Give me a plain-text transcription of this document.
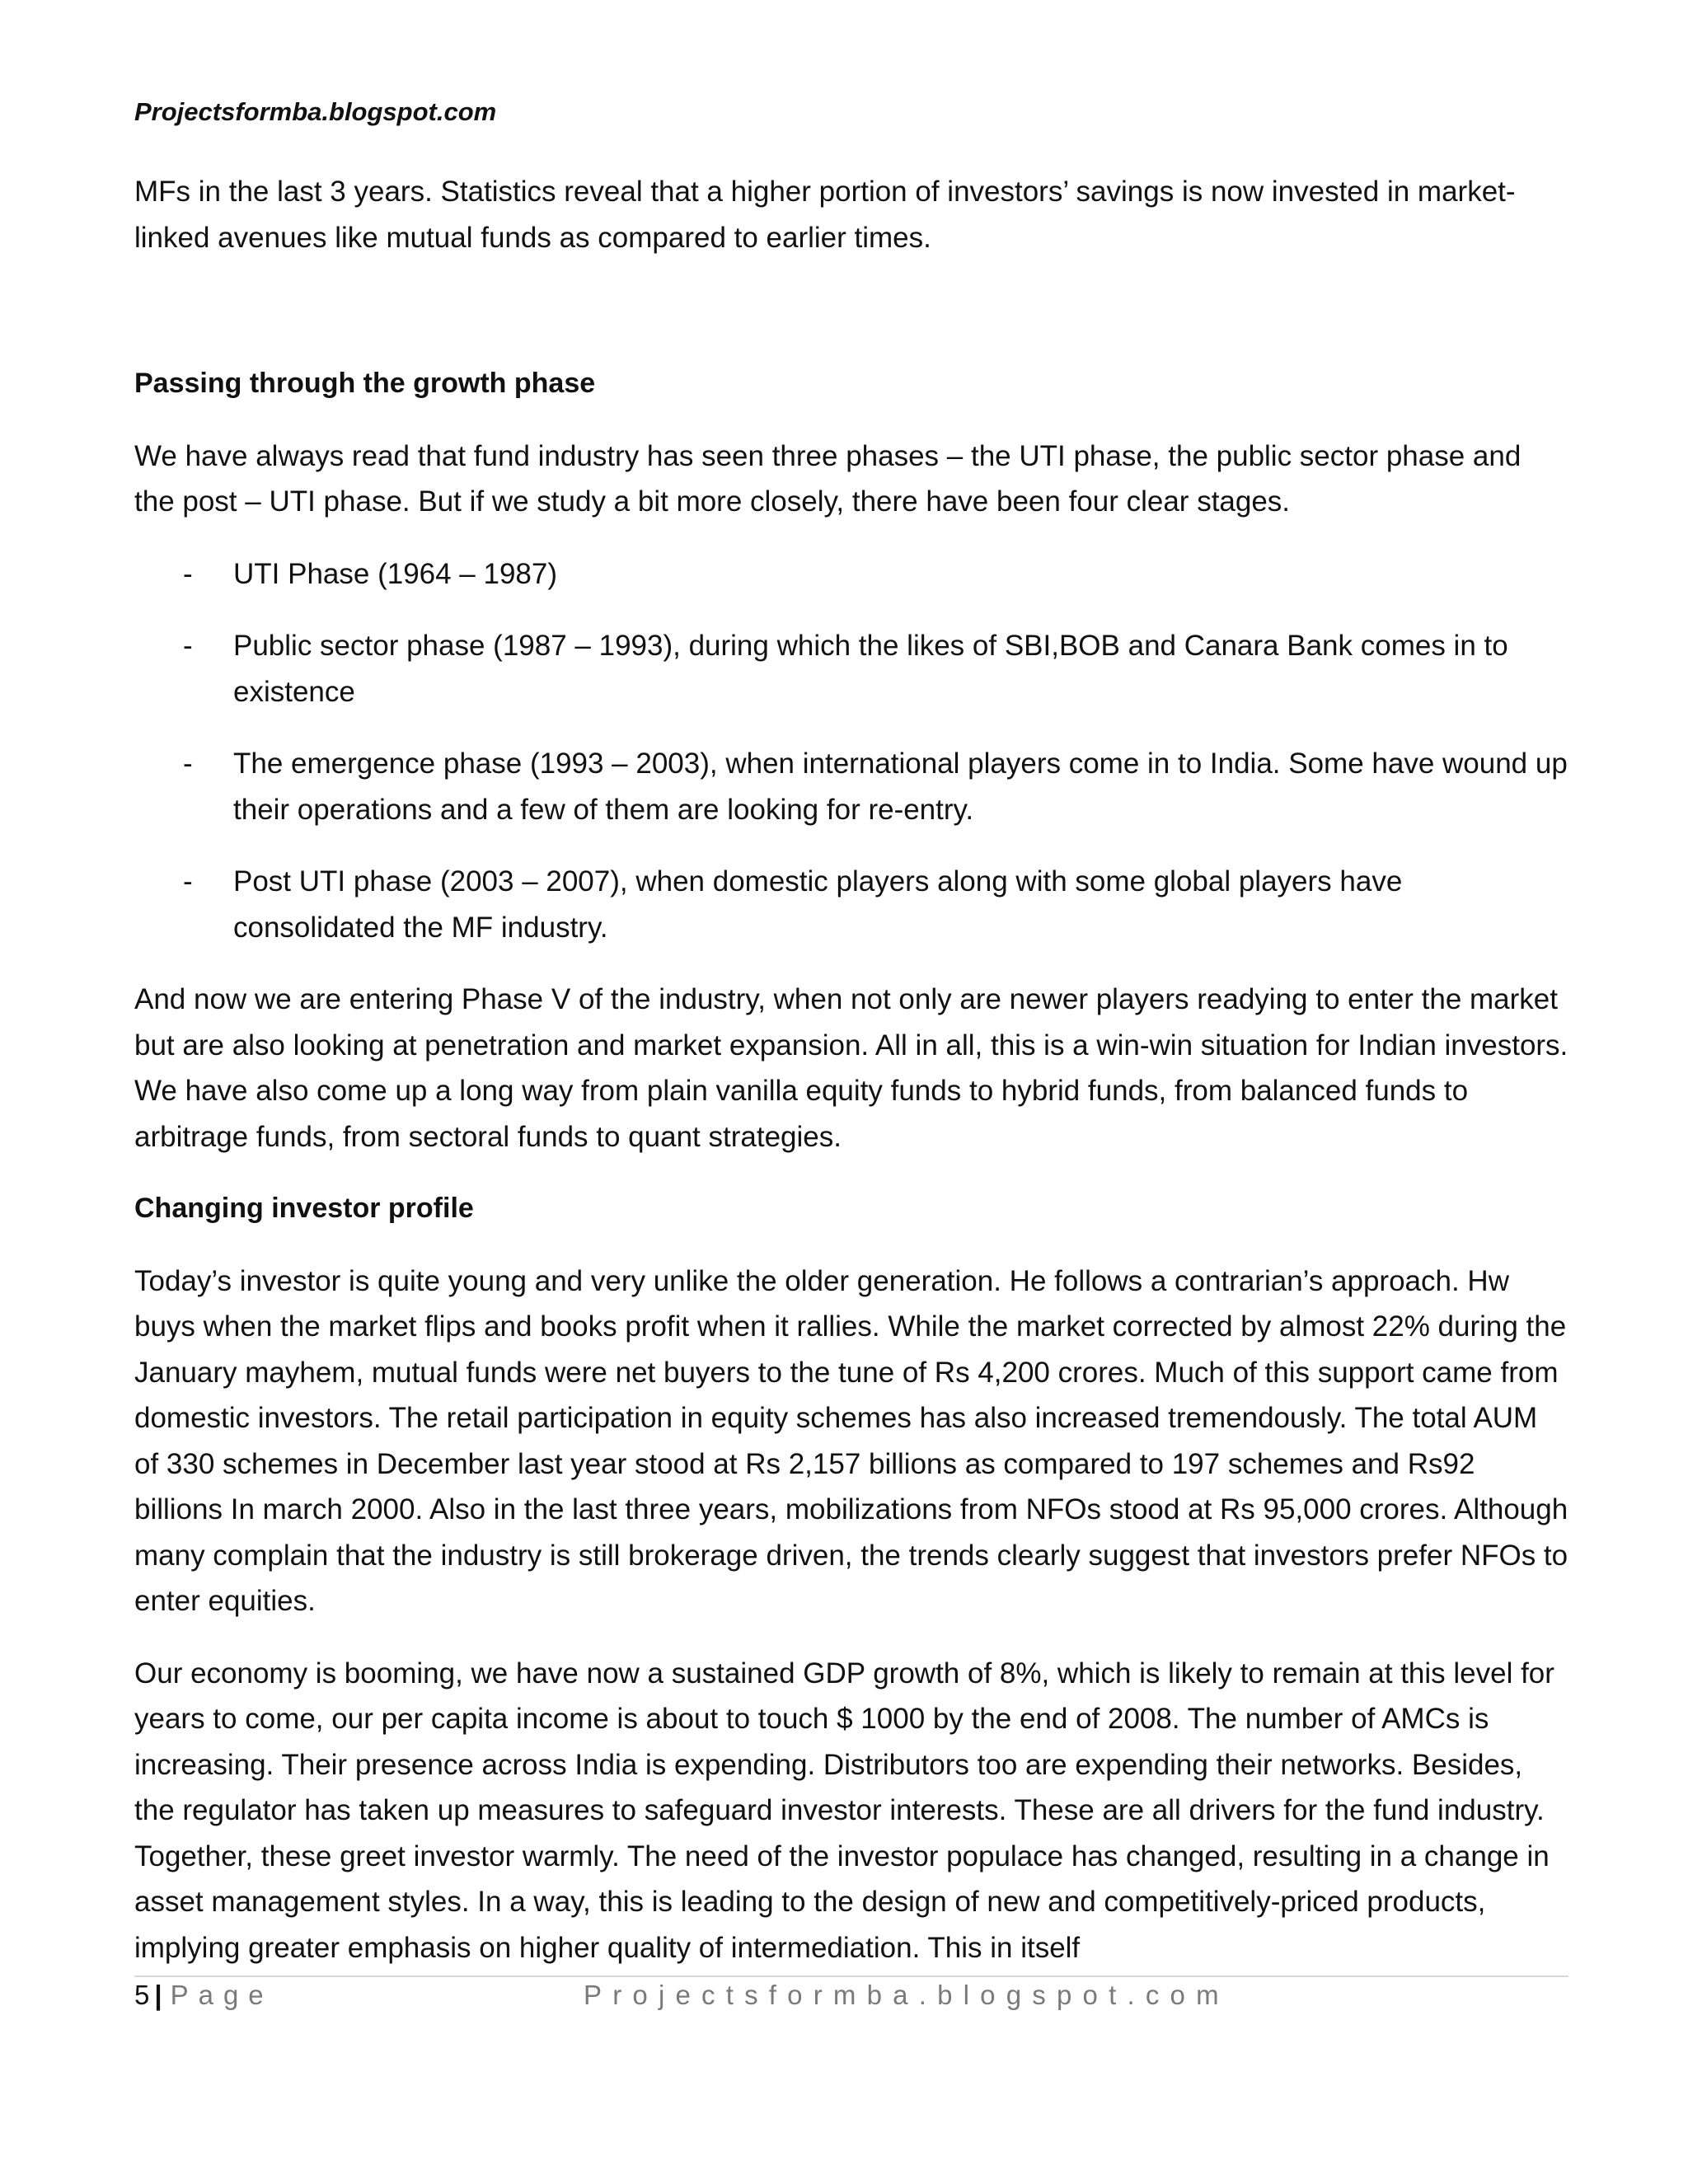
Projectsformba.blogspot.com

MFs in the last 3 years. Statistics reveal that a higher portion of investors’ savings is now invested in market-linked avenues like mutual funds as compared to earlier times.

Passing through the growth phase

We have always read that fund industry has seen three phases – the UTI phase, the public sector phase and the post – UTI phase. But if we study a bit more closely, there have been four clear stages.

- UTI Phase (1964 – 1987)
- Public sector phase (1987 – 1993), during which the likes of SBI,BOB and Canara Bank comes in to existence
- The emergence phase (1993 – 2003), when international players come in to India. Some have wound up their operations and a few of them are looking for re-entry.
- Post UTI phase (2003 – 2007), when domestic players along with some global players have consolidated the MF industry.

And now we are entering Phase V of the industry, when not only are newer players readying to enter the market but are also looking at penetration and market expansion. All in all, this is a win-win situation for Indian investors. We have also come up a long way from plain vanilla equity funds to hybrid funds, from balanced funds to arbitrage funds, from sectoral funds to quant strategies.

Changing investor profile

Today’s investor is quite young and very unlike the older generation. He follows a contrarian’s approach. Hw buys when the market flips and books profit when it rallies. While the market corrected by almost 22% during the January mayhem, mutual funds were net buyers to the tune of Rs 4,200 crores. Much of this support came from domestic investors. The retail participation in equity schemes has also increased tremendously. The total AUM of 330 schemes in December last year stood at Rs 2,157 billions as compared to 197 schemes and Rs92 billions In march 2000. Also in the last three years, mobilizations from NFOs stood at Rs 95,000 crores. Although many complain that the industry is still brokerage driven, the trends clearly suggest that investors prefer NFOs to enter equities.

Our economy is booming, we have now a sustained GDP growth of 8%, which is likely to remain at this level for years to come, our per capita income is about to touch $ 1000 by the end of 2008. The number of AMCs is increasing. Their presence across India is expending. Distributors too are expending their networks. Besides, the regulator has taken up measures to safeguard investor interests. These are all drivers for the fund industry. Together, these greet investor warmly. The need of the investor populace has changed, resulting in a change in asset management styles. In a way, this is leading to the design of new and competitively-priced products, implying greater emphasis on higher quality of intermediation. This in itself

5 | Page	Projectsformba.blogspot.com
